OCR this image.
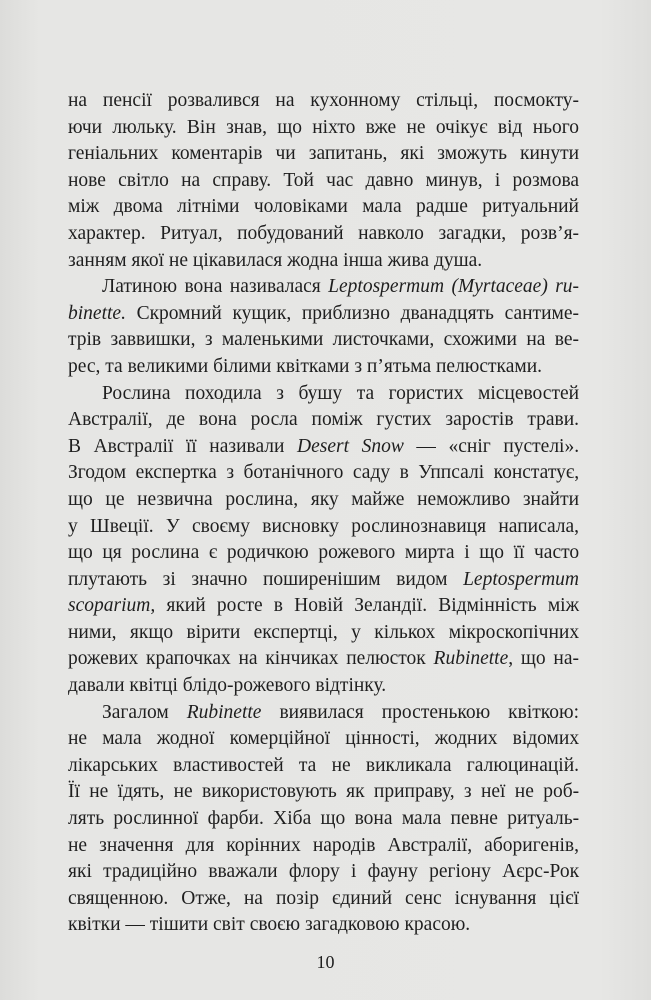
на пенсії розвалився на кухонному стільці, посмокту-
ючи люльку. Він знав, що ніхто вже не очікує від нього
геніальних коментарів чи запитань, які зможуть кинути
нове світло на справу. Той час давно минув, і розмова
між двома літніми чоловіками мала радше ритуальний
характер. Ритуал, побудований навколо загадки, розв’я-
занням якої не цікавилася жодна інша жива душа.
Латиною вона називалася Leptospermum (Myrtaceae) ru-
binette. Скромний кущик, приблизно дванадцять сантиме-
трів заввишки, з маленькими листочками, схожими на ве-
рес, та великими білими квітками з п’ятьма пелюстками.
Рослина походила з бушу та гористих місцевостей
Австралії, де вона росла поміж густих заростів трави.
В Австралії її називали Desert Snow — «сніг пустелі».
Згодом експертка з ботанічного саду в Уппсалі констатує,
що це незвична рослина, яку майже неможливо знайти
у Швеції. У своєму висновку рослинознавиця написала,
що ця рослина є родичкою рожевого мирта і що її часто
плутають зі значно поширенішим видом Leptospermum
scoparium, який росте в Новій Зеландії. Відмінність між
ними, якщо вірити експертці, у кількох мікроскопічних
рожевих крапочках на кінчиках пелюсток Rubinette, що на-
давали квітці блідо-рожевого відтінку.
Загалом Rubinette виявилася простенькою квіткою:
не мала жодної комерційної цінності, жодних відомих
лікарських властивостей та не викликала галюцинацій.
Її не їдять, не використовують як приправу, з неї не роб-
лять рослинної фарби. Хіба що вона мала певне ритуаль-
не значення для корінних народів Австралії, аборигенів,
які традиційно вважали флору і фауну регіону Аєрс-Рок
священною. Отже, на позір єдиний сенс існування цієї
квітки — тішити світ своєю загадковою красою.
10
